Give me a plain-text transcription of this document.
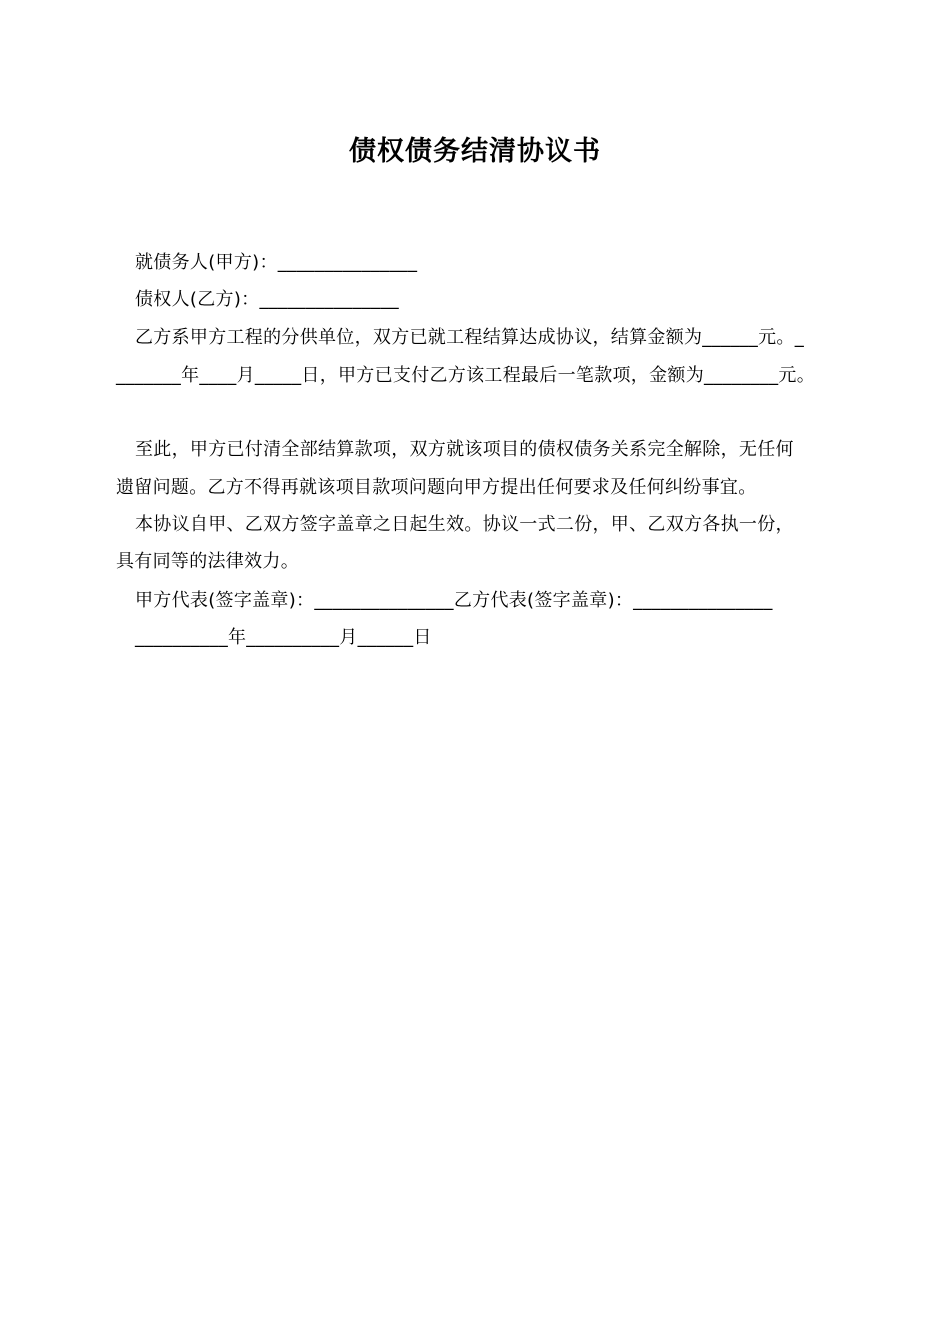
债权债务结清协议书
就债务人(甲方)：_______________
债权人(乙方)：_______________
乙方系甲方工程的分供单位，双方已就工程结算达成协议，结算金额为______元。_
_______年____月_____日，甲方已支付乙方该工程最后一笔款项，金额为________元。
至此，甲方已付清全部结算款项，双方就该项目的债权债务关系完全解除，无任何
遗留问题。乙方不得再就该项目款项问题向甲方提出任何要求及任何纠纷事宜。
本协议自甲、乙双方签字盖章之日起生效。协议一式二份，甲、乙双方各执一份，
具有同等的法律效力。
甲方代表(签字盖章)：_______________乙方代表(签字盖章)：_______________
__________年__________月______日
